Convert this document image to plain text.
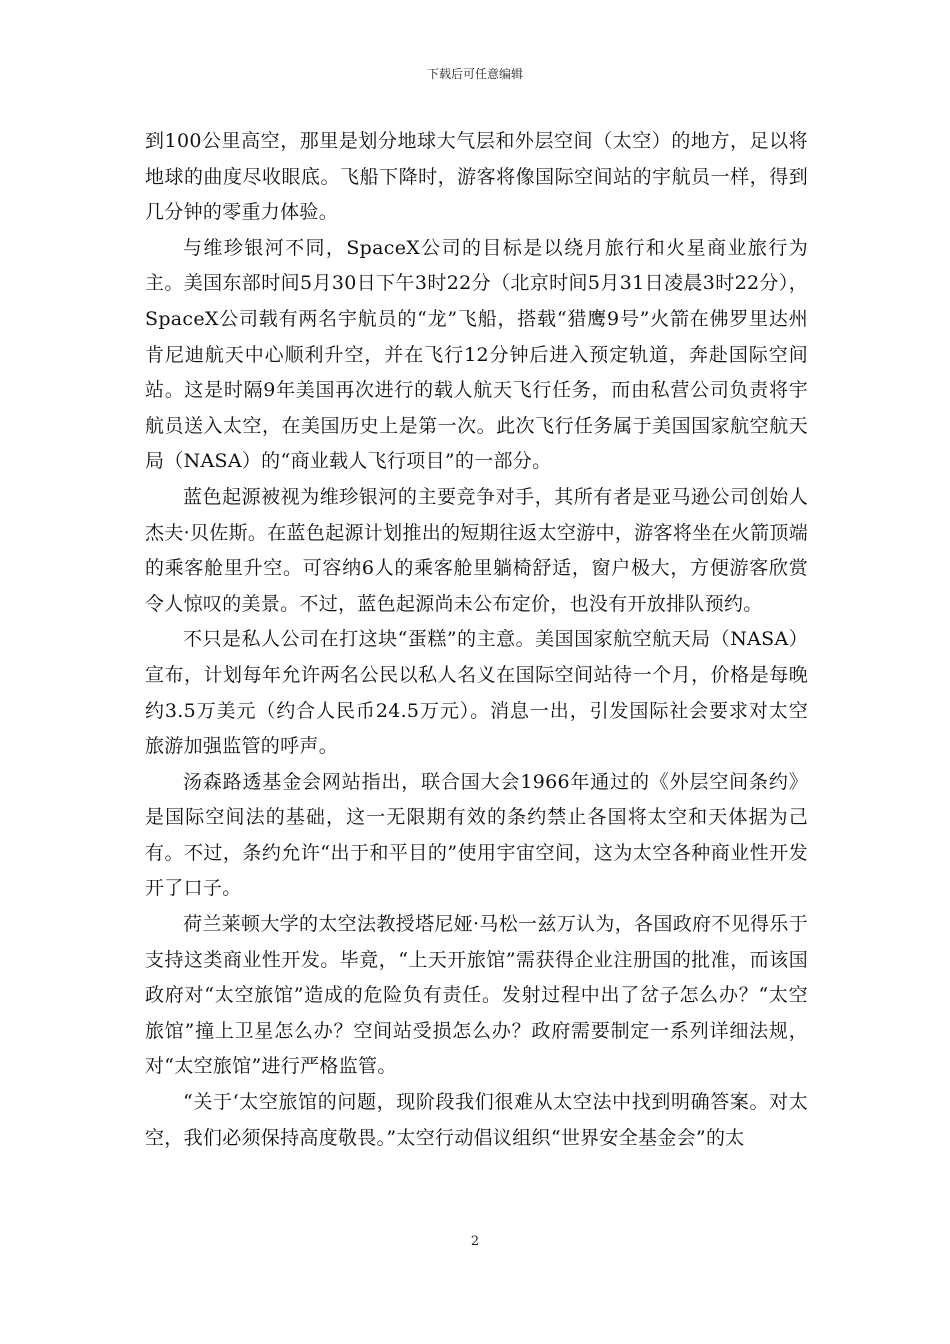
下载后可任意编辑

到100公里高空，那里是划分地球大气层和外层空间（太空）的地方，足以将地球的曲度尽收眼底。飞船下降时，游客将像国际空间站的宇航员一样，得到几分钟的零重力体验。

与维珍银河不同，SpaceX公司的目标是以绕月旅行和火星商业旅行为主。美国东部时间5月30日下午3时22分（北京时间5月31日凌晨3时22分），SpaceX公司载有两名宇航员的“龙”飞船，搭载“猎鹰9号”火箭在佛罗里达州肯尼迪航天中心顺利升空，并在飞行12分钟后进入预定轨道，奔赴国际空间站。这是时隔9年美国再次进行的载人航天飞行任务，而由私营公司负责将宇航员送入太空，在美国历史上是第一次。此次飞行任务属于美国国家航空航天局（NASA）的“商业载人飞行项目”的一部分。

蓝色起源被视为维珍银河的主要竞争对手，其所有者是亚马逊公司创始人杰夫·贝佐斯。在蓝色起源计划推出的短期往返太空游中，游客将坐在火箭顶端的乘客舱里升空。可容纳6人的乘客舱里躺椅舒适，窗户极大，方便游客欣赏令人惊叹的美景。不过，蓝色起源尚未公布定价，也没有开放排队预约。

不只是私人公司在打这块“蛋糕”的主意。美国国家航空航天局（NASA）宣布，计划每年允许两名公民以私人名义在国际空间站待一个月，价格是每晚约3.5万美元（约合人民币24.5万元）。消息一出，引发国际社会要求对太空旅游加强监管的呼声。

汤森路透基金会网站指出，联合国大会1966年通过的《外层空间条约》是国际空间法的基础，这一无限期有效的条约禁止各国将太空和天体据为己有。不过，条约允许“出于和平目的”使用宇宙空间，这为太空各种商业性开发开了口子。

荷兰莱顿大学的太空法教授塔尼娅·马松一兹万认为，各国政府不见得乐于支持这类商业性开发。毕竟，“上天开旅馆”需获得企业注册国的批准，而该国政府对“太空旅馆”造成的危险负有责任。发射过程中出了岔子怎么办？“太空旅馆”撞上卫星怎么办？空间站受损怎么办？政府需要制定一系列详细法规，对“太空旅馆”进行严格监管。

“关于‘太空旅馆的问题，现阶段我们很难从太空法中找到明确答案。对太空，我们必须保持高度敬畏。”太空行动倡议组织“世界安全基金会”的太

2
